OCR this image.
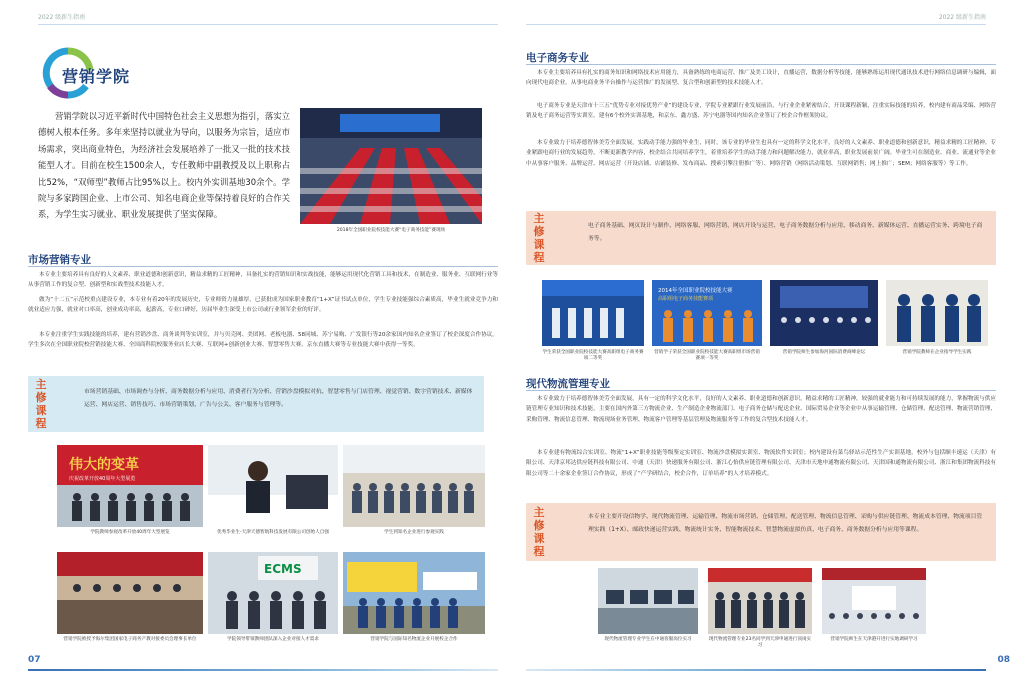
2022 级新生指南
营销学院
营销学院以习近平新时代中国特色社会主义思想为指引，落实立德树人根本任务。多年来坚持以就业为导向，以服务为宗旨，适应市场需求，突出商业特色，为经济社会发展培养了一批又一批的技术技能型人才。目前在校生1500余人，专任教师中副教授及以上职称占比52%，“双师型”教师占比95%以上。校内外实训基地30余个。学院与多家跨国企业、上市公司、知名电商企业等保持着良好的合作关系，为学生实习就业、职业发展提供了坚实保障。
2018年全国职业院校技能大赛“电子商务技能”赛现场
市场营销专业
本专业主要培养具有良好的人文素养、职业道德和创新意识，精益求精的工匠精神，具备扎实的营销知识和实战技能，能够运用现代化营销工具和技术，在制造业、服务业、互联网行业等从事营销工作的复合型、创新型和实战型技术技能人才。
做为“十二五”示范校重点建设专业，本专业有着20年的发展历史，专业师资力量雄厚，已获批成为国家职业教育“1+X”证书试点单位，学生专业技能强综合素质高，毕业生就业竞争力和就业适应力强，就业对口率高，创业成功率高，起薪高，专业口碑好，历届毕业生深受上市公司或行业领军企业的好评。
本专业注重学生实践技能的培养，建有营销沙盘、商务谈判等实训室，并与贝壳网、美团网、老板电器、58同城、苏宁易购、广发银行等20余家国内知名企业签订了校企深度合作协议。学生多次在全国职业院校营销技能大赛、全国商科院校服务业店长大赛、互联网+创新创业大赛、智慧零售大赛、京东直播大赛等专业技能大赛中获得一等奖。
主修课程
市场营销基础、市场调查与分析、商务数据分析与应用、消费者行为分析、营销沙盘模拟对抗、智慧零售与门店管理、视觉营销、数字营销技术、新媒体运营、网店运营、销售技巧、市场营销策划、广告与公关、客户服务与管理等。
伟大的变革
庆祝改革开放40周年大型展览
学院教师参观改革开放40周年大型展览	优秀毕业生-天津天德智航科技发展有限公司创始人自强	学生到知名企业进行参观实践
ECMS
营销学院被授予海尔集团国家电子商务产教对接委员会理事长单位	学院领导带领教师团队深入企业对接人才需求	营销学院与国际知名物流企业开展校企合作
07
2022 级新生指南
电子商务专业
本专业主要培养具有扎实的商务知识和网络技术应用能力，具备熟练的电商运营、推广及美工设计，直播运营，数据分析等技能，能够熟练运用现代通讯技术进行网络信息调研与编辑，面向现代电商企业，从事电商业务平台操作与运营推广的发展型、复合型和创新型的技术技能人才。
电子商务专业是天津市十三五“优势专业对接优势产业”的建设专业，学院专业紧跟行业发展前沿，与行业企业紧密结合，开设课程新颖，注重实际技能的培养，校内建有商品采编、网络营销及电子商务运营等实训室，建有6个校外实训基地，和京东、鑫方盛、苏宁电器等国内知名企业签订了校企合作框架协议。
本专业致力于培养德智体美劳全面发展，实践动手能力强的毕业生，同时，该专业的毕业生也具有一定的科学文化水平，良好的人文素养、职业道德和创新意识，精益求精的工匠精神。专业紧跟电商行业的发展趋势，不断更新教学内容，校企结合共同培养学生，着重培养学生的动手能力和问题解决能力，就业率高，职业发展前景广阔。毕业生可在制造业、商业、流通业等企业中从事客户服务、品牌运营、网店运营（开设店铺、店铺装修、发布商品、搜索引擎注册推广等）、网络营销（网络活动策划、互联网销售；网上推广；SEM；网络客服等）等工作。
主修课程
电子商务基础、网页设计与制作、网络客服、网络营销、网店开设与运营、电子商务数据分析与应用、移动商务、新媒体运营、直播运营实务、跨境电子商务等。
2014年全国职业院校技能大赛
高职组电子商务技能赛项
学生荣获全国职业院校技能大赛高职组电子商务赛项二等奖
营销学子荣获全国职业院校技能大赛高职组市场营销赛项一等奖
营销学院师生参加海河国际消费商峰论坛	营销学院教师在企业指导学生实践
现代物流管理专业
本专业致力于培养德智体美劳全面发展，具有一定的科学文化水平，良好的人文素养、职业道德和创新意识，精益求精的工匠精神，较强的就业能力和可持续发展的能力，掌握物流与供应链管理专业知识和技术技能，主要在国内外第三方物流企业、生产制造企业物流部门、电子商务仓储与配送企业、国际贸易企业等企业中从事运输管理、仓储管理、配送管理、物流营销管理、采购管理、物流信息管理、物流现场业务管理、物流客户管理等基层管理及物流服务等工作的复合型技术技能人才。
本专业建有物流综合实训室、物流“1+X”职业技能等级鉴定实训室、物流沙盘模拟实训室、物流软件实训室；校内建设有菜鸟驿站示范性生产实训基地，校外与包括顺丰速运（天津）有限公司、天津京邦达供应链科技有限公司、中通（天津）快递服务有限公司、浙江心怡供应链管理有限公司、天津市天地申通物流有限公司、天津国和通物流有限公司、浙江和集团物流科技有限公司等二十余家企业签订合作协议，形成了“产学研结合，校企合作，订单培养”的人才培养模式。
主修课程
本专业主要开设信物学、现代物流管理、运输管理、物流市场营销、仓储管理、配送管理、物流信息管理、采购与供应链管理、物流成本管理、物流项目管理实践（1+X）、邮政快递运营实践、物流统计实务、智能物流技术、智慧物流虚拟仿真、电子商务、商务数据分析与应用等课程。
现代物流管理专业学生在中通客服岗位实习	现代物流管理专业23名同学到天津申通进行顶岗实习
营销学院师生在天津港开进行实地调研学习
08
